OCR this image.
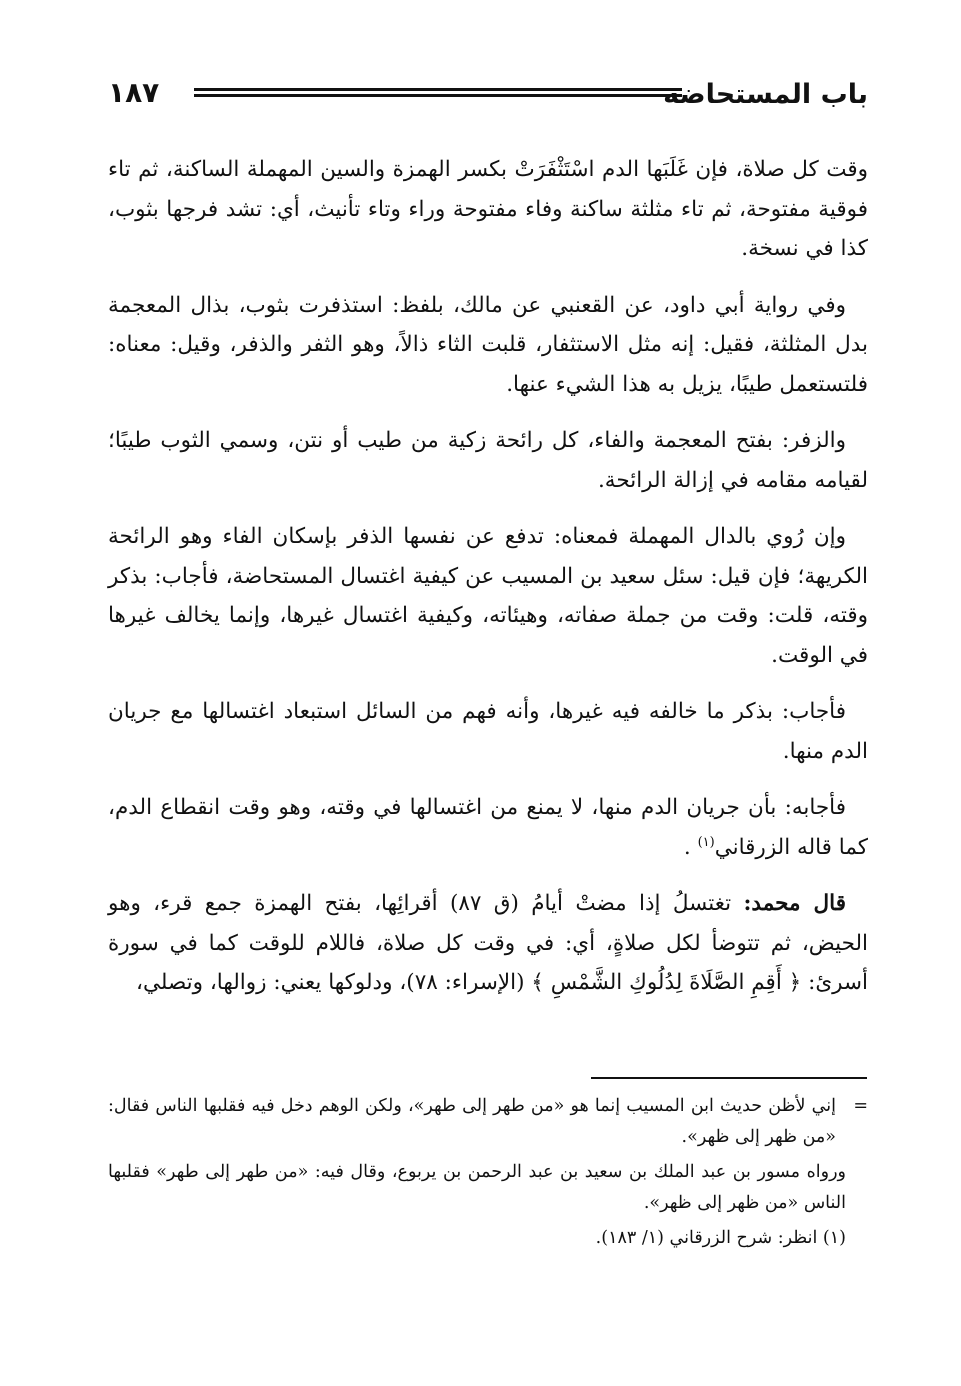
باب المستحاضة
١٨٧

وقت كل صلاة، فإن غَلَبَها الدم اسْتَثْفَرَتْ بكسر الهمزة والسين المهملة الساكنة، ثم تاء فوقية مفتوحة، ثم تاء مثلثة ساكنة وفاء مفتوحة وراء وتاء تأنيث، أي: تشد فرجها بثوب، كذا في نسخة.

وفي رواية أبي داود، عن القعنبي عن مالك، بلفظ: استذفرت بثوب، بذال المعجمة بدل المثلثة، فقيل: إنه مثل الاستثفار، قلبت الثاء ذالاً، وهو الثفر والذفر، وقيل: معناه: فلتستعمل طيبًا، يزيل به هذا الشيء عنها.

والزفر: بفتح المعجمة والفاء، كل رائحة زكية من طيب أو نتن، وسمي الثوب طيبًا؛ لقيامه مقامه في إزالة الرائحة.

وإن رُوي بالدال المهملة فمعناه: تدفع عن نفسها الذفر بإسكان الفاء وهو الرائحة الكريهة؛ فإن قيل: سئل سعيد بن المسيب عن كيفية اغتسال المستحاضة، فأجاب: بذكر وقته، قلت: وقت من جملة صفاته، وهيئاته، وكيفية اغتسال غيرها، وإنما يخالف غيرها في الوقت.

فأجاب: بذكر ما خالفه فيه غيرها، وأنه فهم من السائل استبعاد اغتسالها مع جريان الدم منها.

فأجابه: بأن جريان الدم منها، لا يمنع من اغتسالها في وقته، وهو وقت انقطاع الدم، كما قاله الزرقاني$^{(١)}$ .

قال محمد: تغتسلُ إذا مضتْ أيامُ (ق ٨٧) أقرائِها، بفتح الهمزة جمع قرء، وهو الحيض، ثم تتوضأ لكل صلاةٍ، أي: في وقت كل صلاة، فاللام للوقت كما في سورة أسرئ: ﴿ أَقِمِ الصَّلَاةَ لِدُلُوكِ الشَّمْسِ ﴾ (الإسراء: ٧٨)، ودلوكها يعني: زوالها، وتصلي،

=
إني لأظن حديث ابن المسيب إنما هو «من طهر إلى طهر»، ولكن الوهم دخل فيه فقلبها الناس فقال: «من ظهر إلى ظهر».

ورواه مسور بن عبد الملك بن سعيد بن عبد الرحمن بن يربوع، وقال فيه: «من طهر إلى طهر» فقلبها الناس «من ظهر إلى ظهر».

(١) انظر: شرح الزرقاني (١/ ١٨٣).
